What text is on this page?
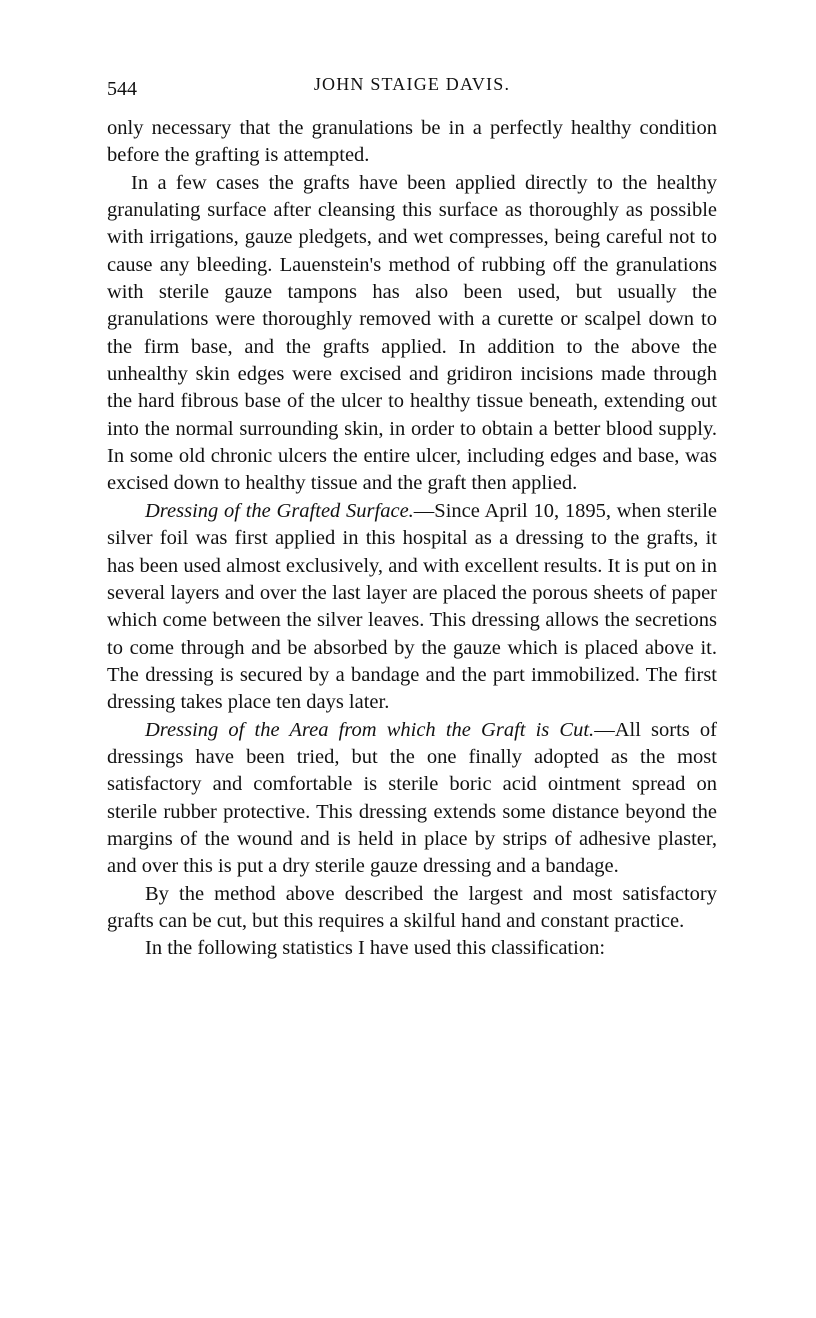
544	JOHN STAIGE DAVIS.

only necessary that the granulations be in a perfectly healthy condition before the grafting is attempted.

In a few cases the grafts have been applied directly to the healthy granulating surface after cleansing this surface as thoroughly as possible with irrigations, gauze pledgets, and wet compresses, being careful not to cause any bleeding. Lauenstein's method of rubbing off the granulations with sterile gauze tampons has also been used, but usually the granulations were thoroughly removed with a curette or scalpel down to the firm base, and the grafts applied. In addition to the above the unhealthy skin edges were excised and gridiron incisions made through the hard fibrous base of the ulcer to healthy tissue beneath, extending out into the normal surrounding skin, in order to obtain a better blood supply. In some old chronic ulcers the entire ulcer, including edges and base, was excised down to healthy tissue and the graft then applied.

Dressing of the Grafted Surface.—Since April 10, 1895, when sterile silver foil was first applied in this hospital as a dressing to the grafts, it has been used almost exclusively, and with excellent results. It is put on in several layers and over the last layer are placed the porous sheets of paper which come between the silver leaves. This dressing allows the secretions to come through and be absorbed by the gauze which is placed above it. The dressing is secured by a bandage and the part immobilized. The first dressing takes place ten days later.

Dressing of the Area from which the Graft is Cut.—All sorts of dressings have been tried, but the one finally adopted as the most satisfactory and comfortable is sterile boric acid ointment spread on sterile rubber protective. This dressing extends some distance beyond the margins of the wound and is held in place by strips of adhesive plaster, and over this is put a dry sterile gauze dressing and a bandage.

By the method above described the largest and most satisfactory grafts can be cut, but this requires a skilful hand and constant practice.

In the following statistics I have used this classification:
